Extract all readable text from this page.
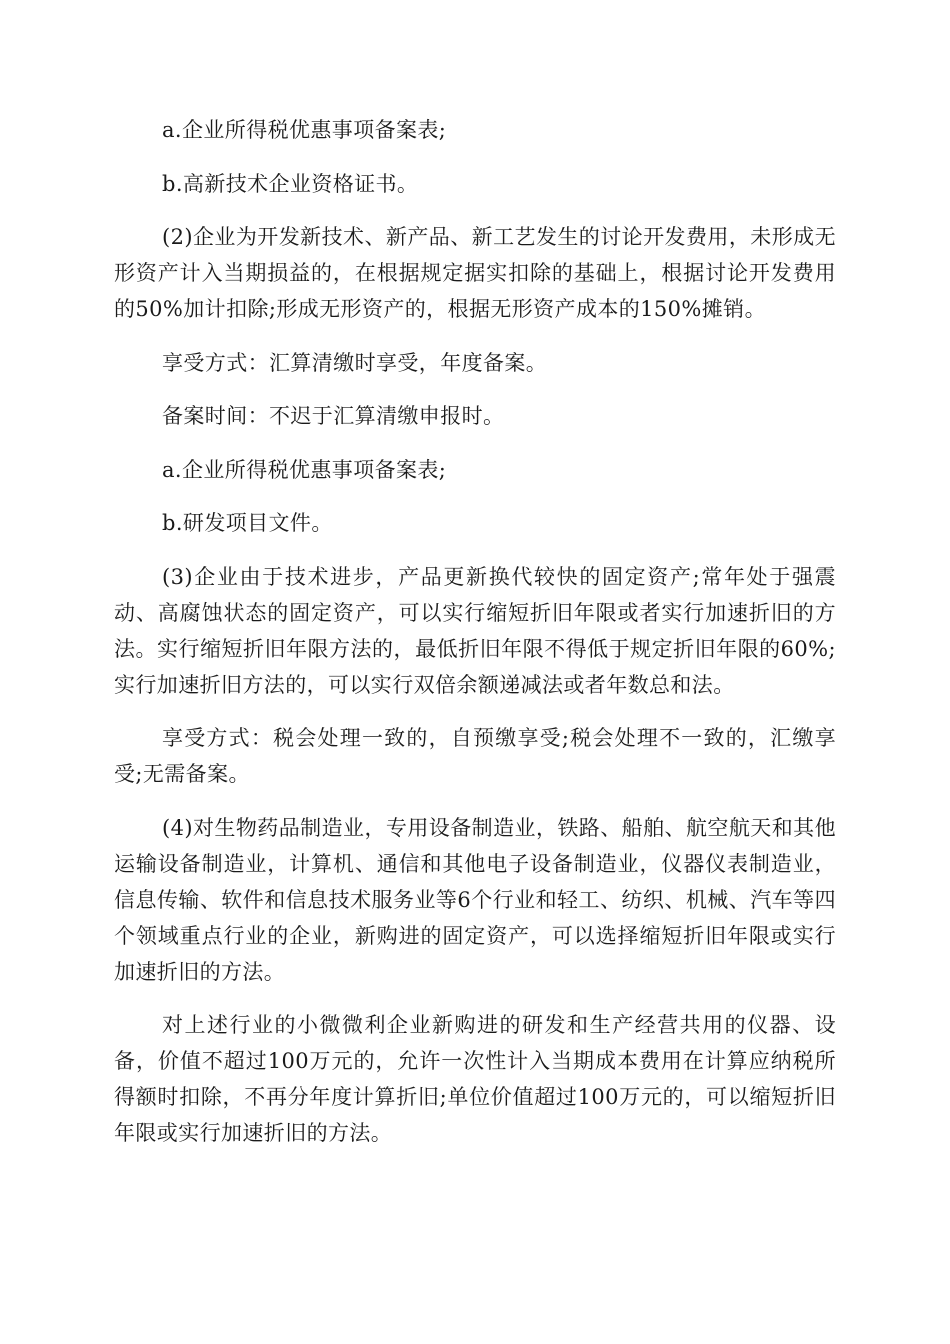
a.企业所得税优惠事项备案表;

b.高新技术企业资格证书。

(2)企业为开发新技术、新产品、新工艺发生的讨论开发费用，未形成无形资产计入当期损益的，在根据规定据实扣除的基础上，根据讨论开发费用的50%加计扣除;形成无形资产的，根据无形资产成本的150%摊销。

享受方式：汇算清缴时享受，年度备案。

备案时间：不迟于汇算清缴申报时。

a.企业所得税优惠事项备案表;

b.研发项目文件。

(3)企业由于技术进步，产品更新换代较快的固定资产;常年处于强震动、高腐蚀状态的固定资产，可以实行缩短折旧年限或者实行加速折旧的方法。实行缩短折旧年限方法的，最低折旧年限不得低于规定折旧年限的60%;实行加速折旧方法的，可以实行双倍余额递减法或者年数总和法。

享受方式：税会处理一致的，自预缴享受;税会处理不一致的，汇缴享受;无需备案。

(4)对生物药品制造业，专用设备制造业，铁路、船舶、航空航天和其他运输设备制造业，计算机、通信和其他电子设备制造业，仪器仪表制造业，信息传输、软件和信息技术服务业等6个行业和轻工、纺织、机械、汽车等四个领域重点行业的企业，新购进的固定资产，可以选择缩短折旧年限或实行加速折旧的方法。

对上述行业的小微微利企业新购进的研发和生产经营共用的仪器、设备，价值不超过100万元的，允许一次性计入当期成本费用在计算应纳税所得额时扣除，不再分年度计算折旧;单位价值超过100万元的，可以缩短折旧年限或实行加速折旧的方法。
